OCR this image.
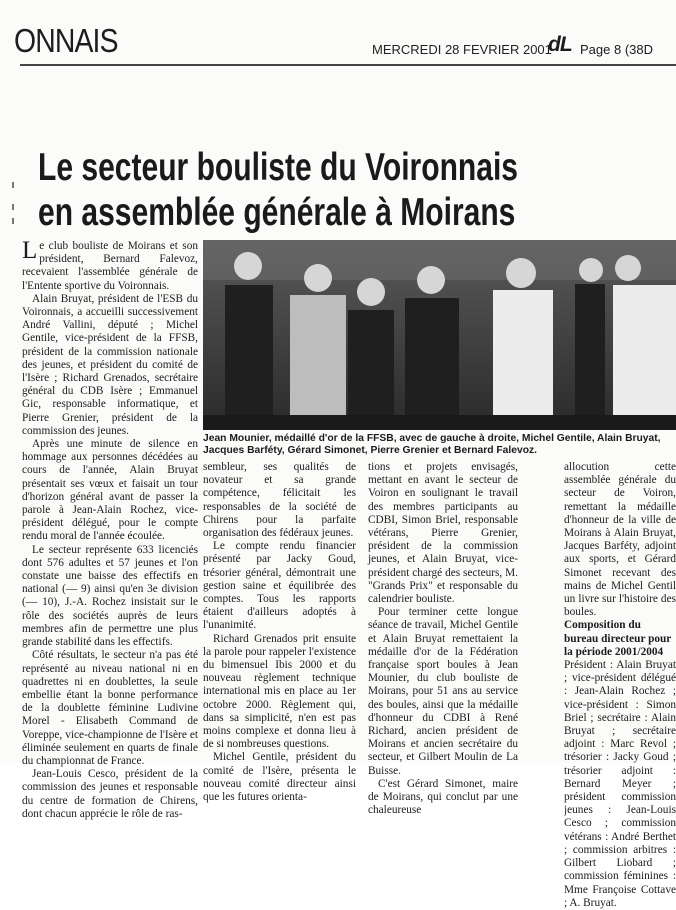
ONNAIS	MERCREDI 28 FEVRIER 2001
dL Page 8 (38D
Le secteur bouliste du Voironnais
en assemblée générale à Moirans
L e club bouliste de Moirans et son président, Bernard Falevoz, recevaient l'assemblée générale de l'Entente sportive du Voironnais.

Alain Bruyat, président de l'ESB du Voironnais, a accueilli successivement André Vallini, député ; Michel Gentile, vice-président de la FFSB, président de la commission nationale des jeunes, et président du comité de l'Isère ; Richard Grenados, secrétaire général du CDB Isère ; Emmanuel Gic, responsable informatique, et Pierre Grenier, président de la commission des jeunes.

Après une minute de silence en hommage aux personnes décédées au cours de l'année, Alain Bruyat présentait ses vœux et faisait un tour d'horizon général avant de passer la parole à Jean-Alain Rochez, vice-président délégué, pour le compte rendu moral de l'année écoulée.

Le secteur représente 633 licenciés dont 576 adultes et 57 jeunes et l'on constate une baisse des effectifs en national (— 9) ainsi qu'en 3e division (— 10), J.-A. Rochez insistait sur le rôle des sociétés auprès de leurs membres afin de permettre une plus grande stabilité dans les effectifs.

Côté résultats, le secteur n'a pas été représenté au niveau national ni en quadrettes ni en doublettes, la seule embellie étant la bonne performance de la doublette féminine Ludivine Morel - Elisabeth Command de Voreppe, vice-championne de l'Isère et éliminée seulement en quarts de finale du championnat de France.

Jean-Louis Cesco, président de la commission des jeunes et responsable du centre de formation de Chirens, dont chacun apprécie le rôle de ras-

Jean Mounier, médaillé d'or de la FFSB, avec de gauche à droite, Michel Gentile, Alain Bruyat, Jacques Barféty, Gérard Simonet, Pierre Grenier et Bernard Falevoz.

sembleur, ses qualités de novateur et sa grande compétence, félicitait les responsables de la société de Chirens pour la parfaite organisation des fédéraux jeunes.

Le compte rendu financier présenté par Jacky Goud, trésorier général, démontrait une gestion saine et équilibrée des comptes. Tous les rapports étaient d'ailleurs adoptés à l'unanimité.

Richard Grenados prit ensuite la parole pour rappeler l'existence du bimensuel Ibis 2000 et du nouveau règlement technique international mis en place au 1er octobre 2000. Règlement qui, dans sa simplicité, n'en est pas moins complexe et donna lieu à de si nombreuses questions.

Michel Gentile, président du comité de l'Isère, présenta le nouveau comité directeur ainsi que les futures orienta-

tions et projets envisagés, mettant en avant le secteur de Voiron en soulignant le travail des membres participants au CDBI, Simon Briel, responsable vétérans, Pierre Grenier, président de la commission jeunes, et Alain Bruyat, vice-président chargé des secteurs, M. "Grands Prix" et responsable du calendrier bouliste.

Pour terminer cette longue séance de travail, Michel Gentile et Alain Bruyat remettaient la médaille d'or de la Fédération française sport boules à Jean Mounier, du club bouliste de Moirans, pour 51 ans au service des boules, ainsi que la médaille d'honneur du CDBI à René Richard, ancien président de Moirans et ancien secrétaire du secteur, et Gilbert Moulin de La Buisse.

C'est Gérard Simonet, maire de Moirans, qui conclut par une chaleureuse

allocution cette assemblée générale du secteur de Voiron, remettant la médaille d'honneur de la ville de Moirans à Alain Bruyat, Jacques Barféty, adjoint aux sports, et Gérard Simonet recevant des mains de Michel Gentil un livre sur l'histoire des boules.

Composition du bureau directeur pour la période 2001/2004

Président : Alain Bruyat ; vice-président délégué : Jean-Alain Rochez ; vice-président : Simon Briel ; secrétaire : Alain Bruyat ; secrétaire adjoint : Marc Revol ; trésorier : Jacky Goud ; trésorier adjoint : Bernard Meyer ; président commission jeunes : Jean-Louis Cesco ; commission vétérans : André Berthet ; commission arbitres : Gilbert Liobard ; commission féminines : Mme Françoise Cottave ; A. Bruyat.
